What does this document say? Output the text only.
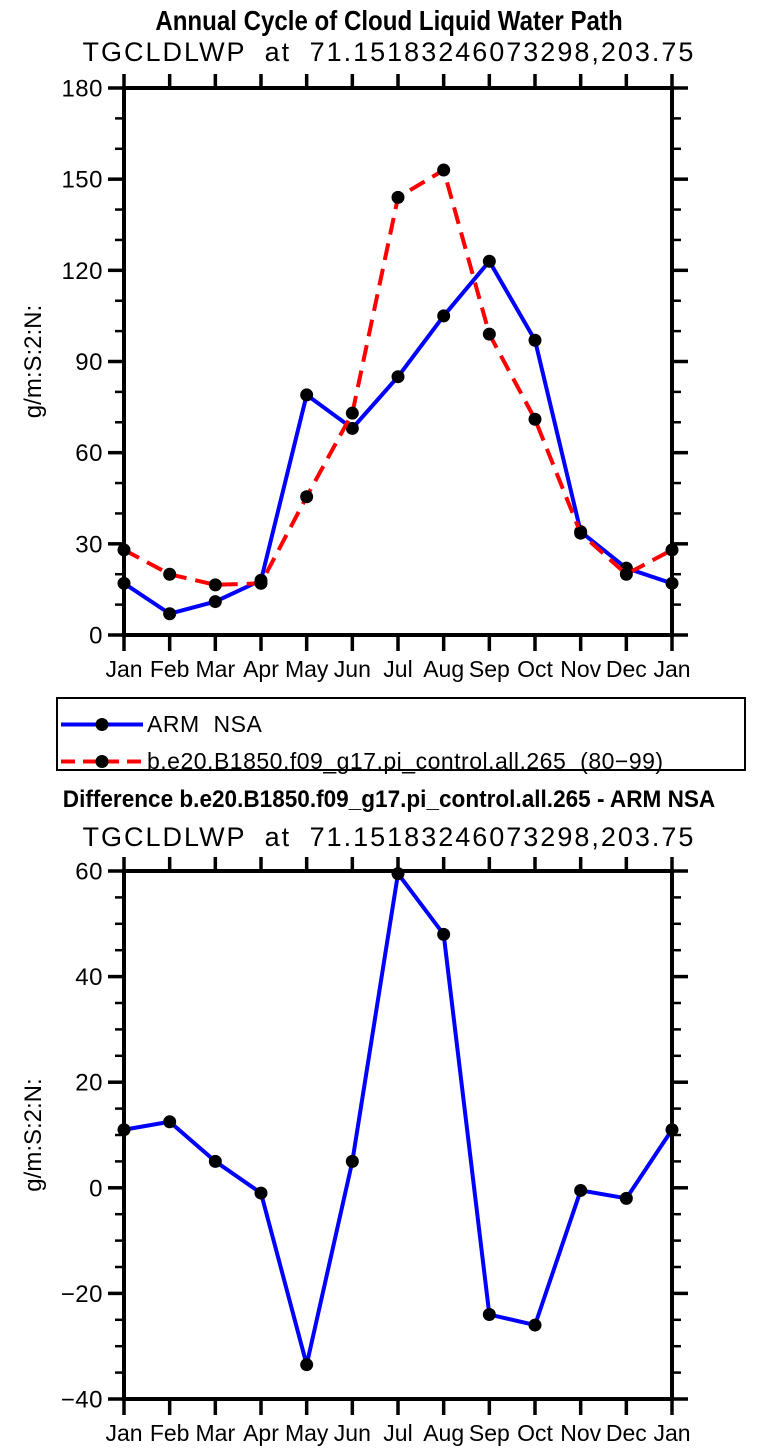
Annual Cycle of Cloud Liquid Water Path
TGCLDLWP at 71.15183246073298,203.75
0
30
60
90
120
150
180
Jan Feb Mar Apr May Jun Jul Aug Sep Oct Nov Dec Jan
g/m:S:2:N:
−40
−20
0
20
40
60
Jan Feb Mar Apr May Jun Jul Aug Sep Oct Nov Dec Jan
g/m:S:2:N:
ARM NSA
b.e20.B1850.f09_g17.pi_control.all.265 (80−99)
Difference b.e20.B1850.f09_g17.pi_control.all.265 - ARM NSA
TGCLDLWP at 71.15183246073298,203.75
